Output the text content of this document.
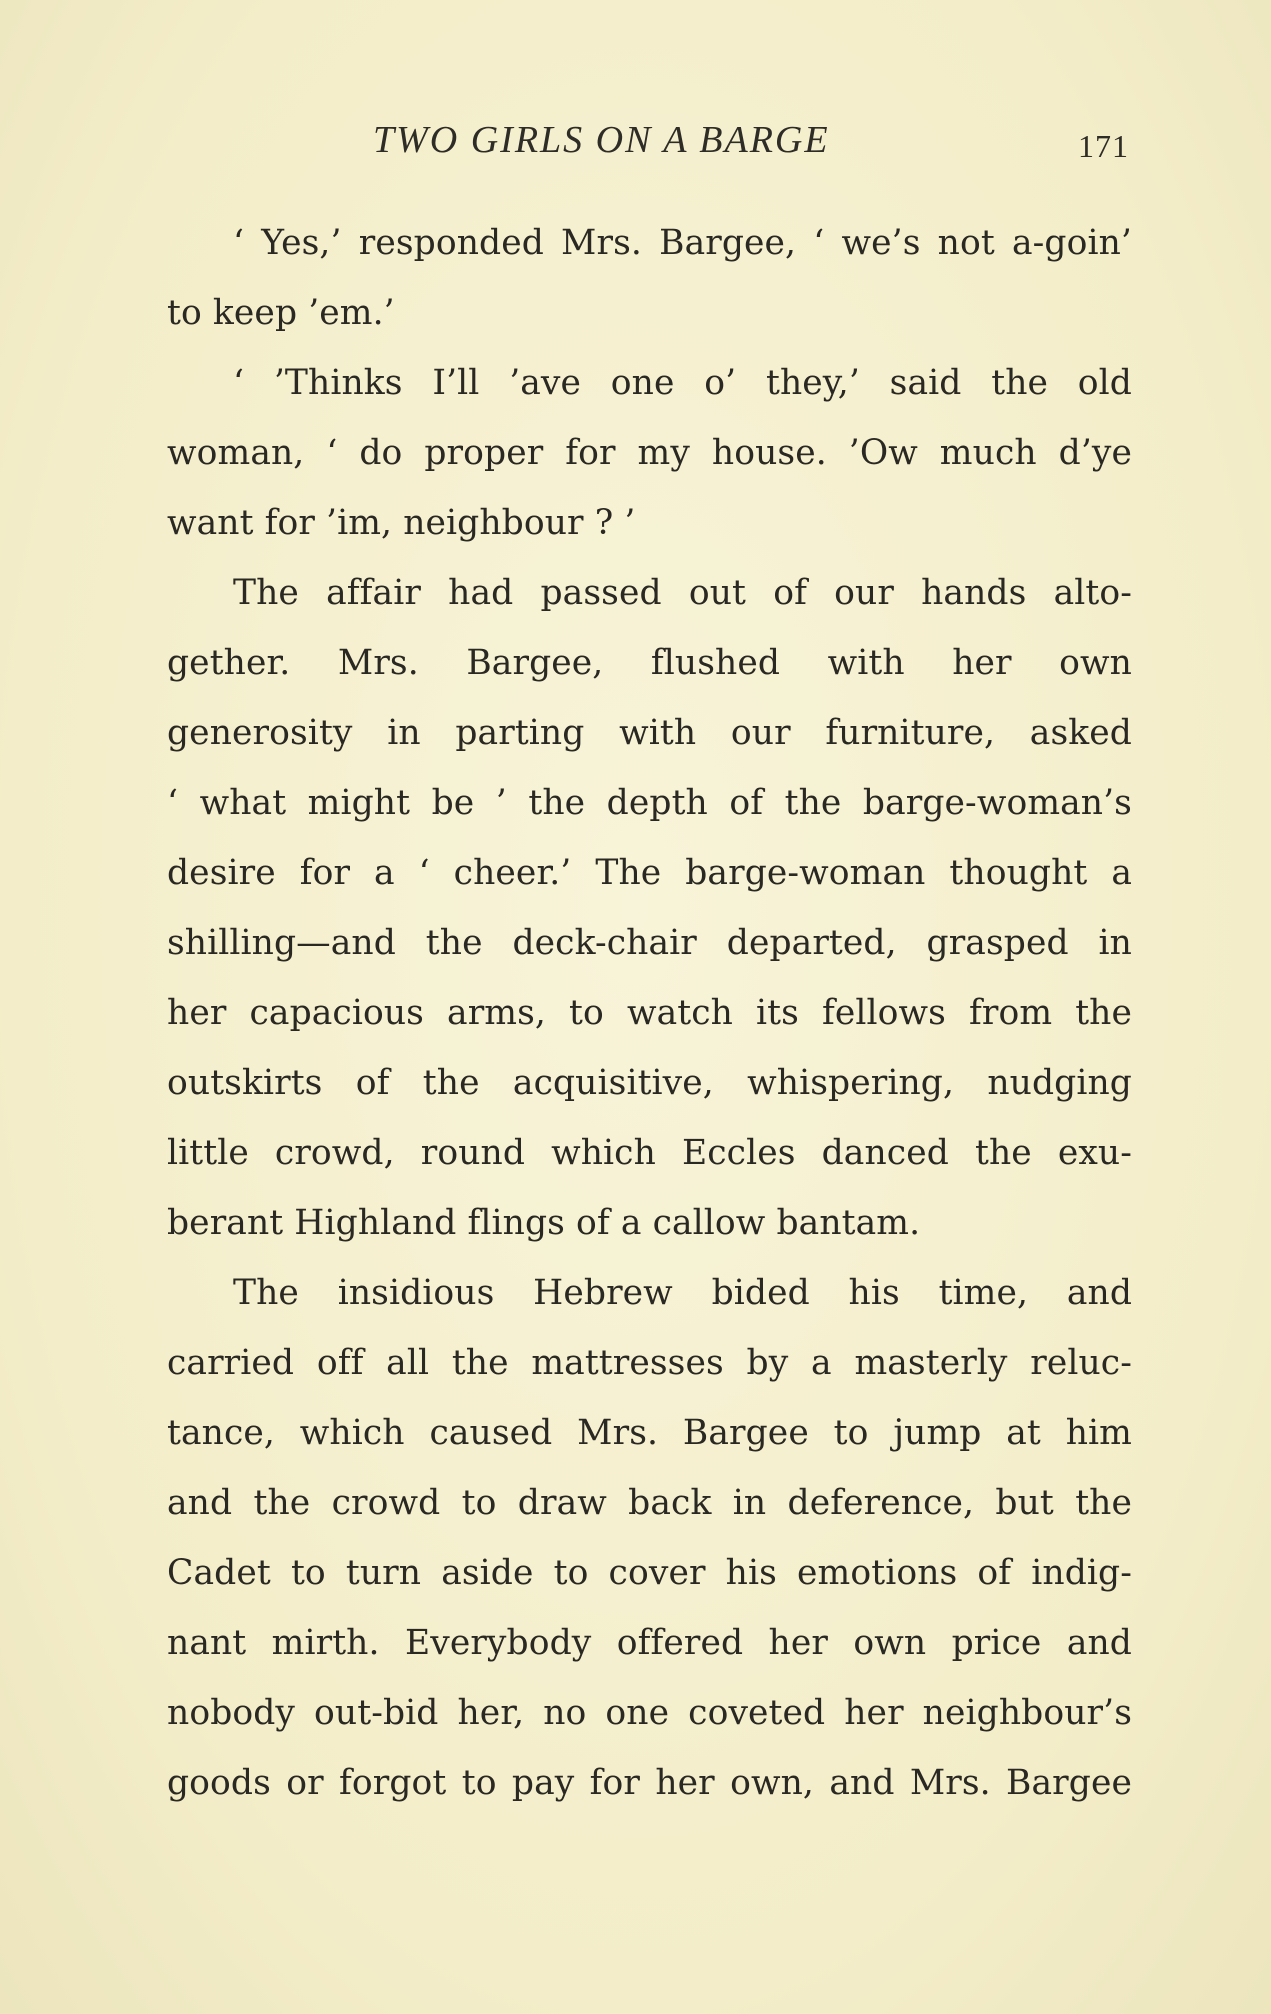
TWO GIRLS ON A BARGE	171
‘ Yes,’ responded Mrs. Bargee, ‘ we’s not a-goin’
to keep ’em.’
‘ ’Thinks I’ll ’ave one o’ they,’ said the old
woman, ‘ do proper for my house. ’Ow much d’ye
want for ’im, neighbour ? ’
The affair had passed out of our hands alto-
gether. Mrs. Bargee, flushed with her own
generosity in parting with our furniture, asked
‘ what might be ’ the depth of the barge-woman’s
desire for a ‘ cheer.’ The barge-woman thought a
shilling—and the deck-chair departed, grasped in
her capacious arms, to watch its fellows from the
outskirts of the acquisitive, whispering, nudging
little crowd, round which Eccles danced the exu-
berant Highland flings of a callow bantam.
The insidious Hebrew bided his time, and
carried off all the mattresses by a masterly reluc-
tance, which caused Mrs. Bargee to jump at him
and the crowd to draw back in deference, but the
Cadet to turn aside to cover his emotions of indig-
nant mirth. Everybody offered her own price and
nobody out-bid her, no one coveted her neighbour’s
goods or forgot to pay for her own, and Mrs. Bargee
